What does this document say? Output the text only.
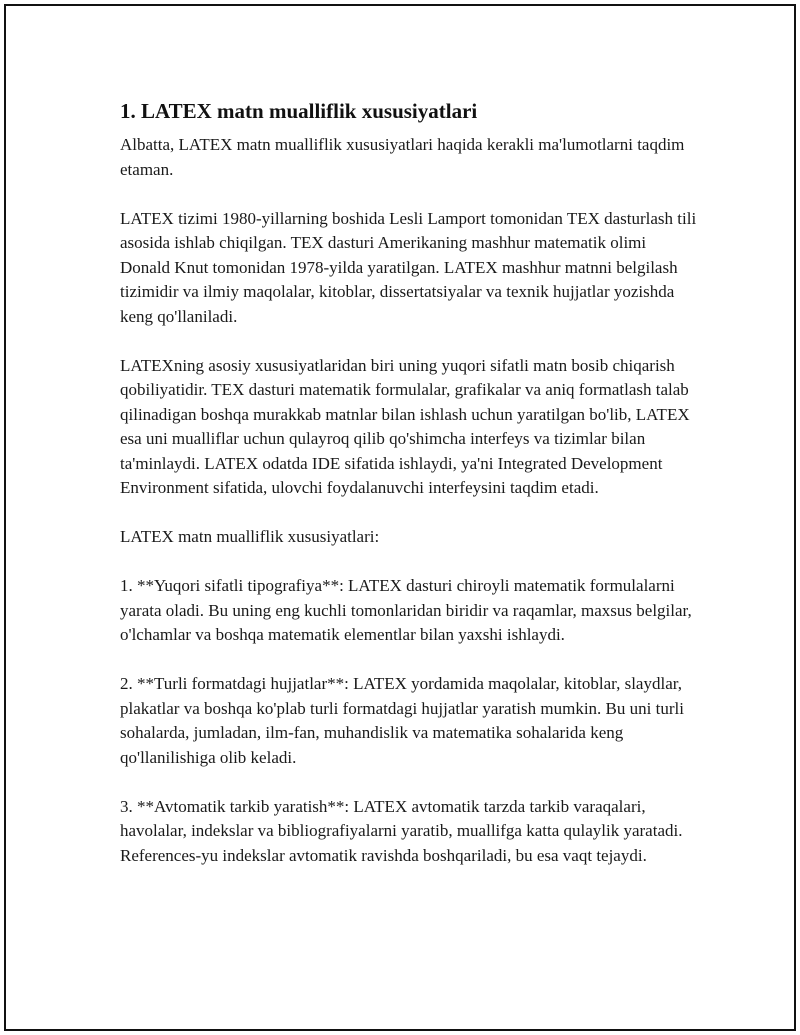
1. LATEX matn mualliflik xususiyatlari

Albatta, LATEX matn mualliflik xususiyatlari haqida kerakli ma'lumotlarni taqdim etaman.

LATEX tizimi 1980-yillarning boshida Lesli Lamport tomonidan TEX dasturlash tili asosida ishlab chiqilgan. TEX dasturi Amerikaning mashhur matematik olimi Donald Knut tomonidan 1978-yilda yaratilgan. LATEX mashhur matnni belgilash tizimidir va ilmiy maqolalar, kitoblar, dissertatsiyalar va texnik hujjatlar yozishda keng qo'llaniladi.

LATEXning asosiy xususiyatlaridan biri uning yuqori sifatli matn bosib chiqarish qobiliyatidir. TEX dasturi matematik formulalar, grafikalar va aniq formatlash talab qilinadigan boshqa murakkab matnlar bilan ishlash uchun yaratilgan bo'lib, LATEX esa uni mualliflar uchun qulayroq qilib qo'shimcha interfeys va tizimlar bilan ta'minlaydi. LATEX odatda IDE sifatida ishlaydi, ya'ni Integrated Development Environment sifatida, ulovchi foydalanuvchi interfeysini taqdim etadi.

LATEX matn mualliflik xususiyatlari:

1. **Yuqori sifatli tipografiya**: LATEX dasturi chiroyli matematik formulalarni yarata oladi. Bu uning eng kuchli tomonlaridan biridir va raqamlar, maxsus belgilar, o'lchamlar va boshqa matematik elementlar bilan yaxshi ishlaydi.

2. **Turli formatdagi hujjatlar**: LATEX yordamida maqolalar, kitoblar, slaydlar, plakatlar va boshqa ko'plab turli formatdagi hujjatlar yaratish mumkin. Bu uni turli sohalarda, jumladan, ilm-fan, muhandislik va matematika sohalarida keng qo'llanilishiga olib keladi.

3. **Avtomatik tarkib yaratish**: LATEX avtomatik tarzda tarkib varaqalari, havolalar, indekslar va bibliografiyalarni yaratib, muallifga katta qulaylik yaratadi. References-yu indekslar avtomatik ravishda boshqariladi, bu esa vaqt tejaydi.
